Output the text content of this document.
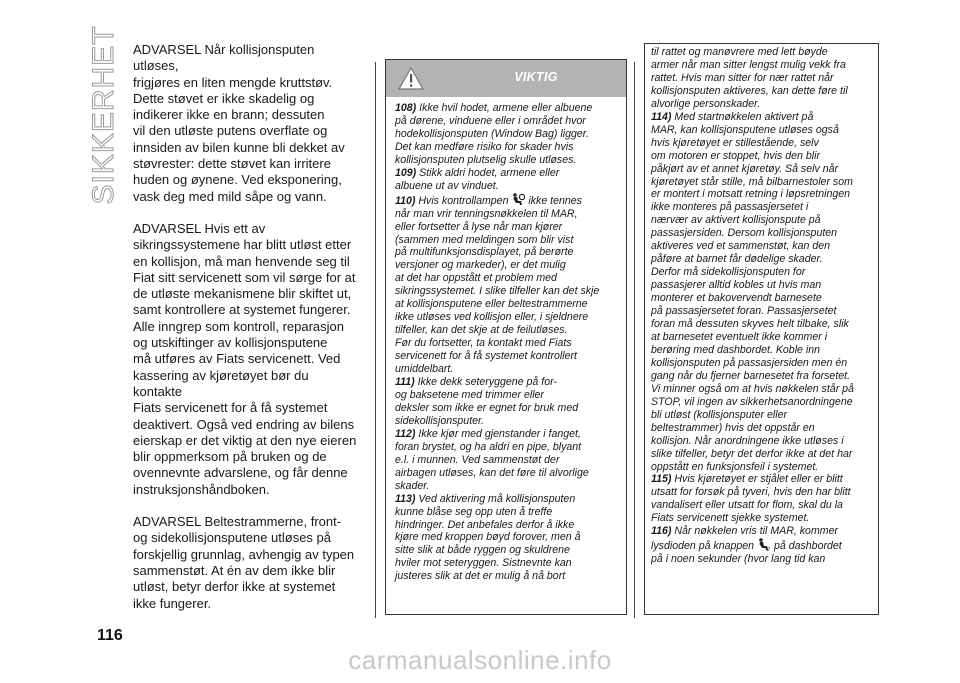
SIKKERHET ADVARSEL Når kollisjonsputen utløses,
frigjøres en liten mengde kruttstøv.
Dette støvet er ikke skadelig og
indikerer ikke en brann; dessuten
vil den utløste putens overflate og
innsiden av bilen kunne bli dekket av
støvrester: dette støvet kan irritere
huden og øynene. Ved eksponering,
vask deg med mild såpe og vann.

ADVARSEL Hvis ett av
sikringssystemene har blitt utløst etter
en kollisjon, må man henvende seg til
Fiat sitt servicenett som vil sørge for at
de utløste mekanismene blir skiftet ut,
samt kontrollere at systemet fungerer.
Alle inngrep som kontroll, reparasjon
og utskiftinger av kollisjonsputene
må utføres av Fiats servicenett. Ved
kassering av kjøretøyet bør du kontakte
Fiats servicenett for å få systemet
deaktivert. Også ved endring av bilens
eierskap er det viktig at den nye eieren
blir oppmerksom på bruken og de
ovennevnte advarslene, og får denne
instruksjonshåndboken.

ADVARSEL Beltestrammerne, front-
og sidekollisjonsputene utløses på
forskjellig grunnlag, avhengig av typen
sammenstøt. At én av dem ikke blir
utløst, betyr derfor ikke at systemet
ikke fungerer.

VIKTIG

108) Ikke hvil hodet, armene eller albuene
på dørene, vinduene eller i området hvor
hodekollisjonsputen (Window Bag) ligger.
Det kan medføre risiko for skader hvis
kollisjonsputen plutselig skulle utløses.

109) Stikk aldri hodet, armene eller
albuene ut av vinduet.

110) Hvis kontrollampen ikke tennes
når man vrir tenningsnøkkelen til MAR,
eller fortsetter å lyse når man kjører
(sammen med meldingen som blir vist
på multifunksjonsdisplayet, på berørte
versjoner og markeder), er det mulig
at det har oppstått et problem med
sikringssystemet. I slike tilfeller kan det skje
at kollisjonsputene eller beltestrammerne
ikke utløses ved kollisjon eller, i sjeldnere
tilfeller, kan det skje at de feilutløses.
Før du fortsetter, ta kontakt med Fiats
servicenett for å få systemet kontrollert
umiddelbart.

111) Ikke dekk seteryggene på for-
og baksetene med trimmer eller
deksler som ikke er egnet for bruk med
sidekollisjonsputer.

112) Ikke kjør med gjenstander i fanget,
foran brystet, og ha aldri en pipe, blyant
e.l. i munnen. Ved sammenstøt der
airbagen utløses, kan det føre til alvorlige
skader.

113) Ved aktivering må kollisjonsputen
kunne blåse seg opp uten å treffe
hindringer. Det anbefales derfor å ikke
kjøre med kroppen bøyd forover, men å
sitte slik at både ryggen og skuldrene
hviler mot seteryggen. Sistnevnte kan
justeres slik at det er mulig å nå bort

til rattet og manøvrere med lett bøyde
armer når man sitter lengst mulig vekk fra
rattet. Hvis man sitter for nær rattet når
kollisjonsputen aktiveres, kan dette føre til
alvorlige personskader.

114) Med startnøkkelen aktivert på
MAR, kan kollisjonsputene utløses også
hvis kjøretøyet er stillestående, selv
om motoren er stoppet, hvis den blir
påkjørt av et annet kjøretøy. Så selv når
kjøretøyet står stille, må bilbarnestoler som
er montert i motsatt retning i løpsretningen
ikke monteres på passasjersetet i
nærvær av aktivert kollisjonspute på
passasjersiden. Dersom kollisjonsputen
aktiveres ved et sammenstøt, kan den
påføre at barnet får dødelige skader.
Derfor må sidekollisjonsputen for
passasjerer alltid kobles ut hvis man
monterer et bakovervendt barnesete
på passasjersetet foran. Passasjersetet
foran må dessuten skyves helt tilbake, slik
at barnesetet eventuelt ikke kommer i
berøring med dashbordet. Koble inn
kollisjonsputen på passasjersiden men én
gang når du fjerner barnesetet fra forsetet.
Vi minner også om at hvis nøkkelen står på
STOP, vil ingen av sikkerhetsanordningene
bli utløst (kollisjonsputer eller
beltestrammer) hvis det oppstår en
kollisjon. Når anordningene ikke utløses i
slike tilfeller, betyr det derfor ikke at det har
oppstått en funksjonsfeil i systemet.

115) Hvis kjøretøyet er stjålet eller er blitt
utsatt for forsøk på tyveri, hvis den har blitt
vandalisert eller utsatt for flom, skal du la
Fiats servicenett sjekke systemet.

116) Når nøkkelen vris til MAR, kommer
lysdioden på knappen	2 på dashbordet
på i noen sekunder (hvor lang tid kan

116
carmanualsonline.info
